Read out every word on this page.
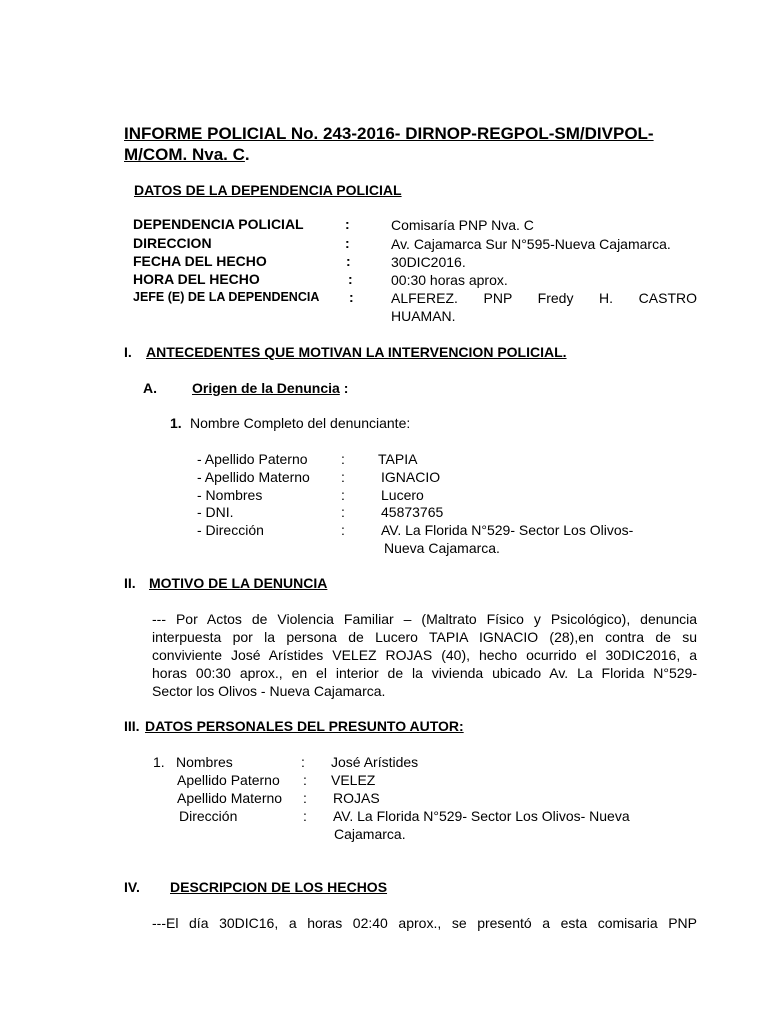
INFORME POLICIAL No. 243-2016- DIRNOP-REGPOL-SM/DIVPOL-
M/COM. Nva. C.
DATOS DE LA DEPENDENCIA POLICIAL
DEPENDENCIA POLICIAL	:	Comisaría PNP Nva. C
DIRECCION	:	Av. Cajamarca Sur N°595-Nueva Cajamarca.
FECHA DEL HECHO	:	30DIC2016.
HORA DEL HECHO	:	00:30 horas aprox.
JEFE (E) DE LA DEPENDENCIA :	ALFEREZ. PNP Fredy H. CASTRO
HUAMAN.
I. ANTECEDENTES QUE MOTIVAN LA INTERVENCION POLICIAL.
A.	Origen de la Denuncia :
1. Nombre Completo del denunciante:
- Apellido Paterno : TAPIA
- Apellido Materno :	IGNACIO
- Nombres	:	Lucero
- DNI.	:	45873765
- Dirección	:	AV. La Florida N°529- Sector Los Olivos-
Nueva Cajamarca.
II. MOTIVO DE LA DENUNCIA
--- Por Actos de Violencia Familiar – (Maltrato Físico y Psicológico), denuncia
interpuesta por la persona de Lucero TAPIA IGNACIO (28),en contra de su
conviviente José Arístides VELEZ ROJAS (40), hecho ocurrido el 30DIC2016, a
horas 00:30 aprox., en el interior de la vivienda ubicado Av. La Florida N°529-
Sector los Olivos - Nueva Cajamarca.
III. DATOS PERSONALES DEL PRESUNTO AUTOR:
1. Nombres	: José Arístides
Apellido Paterno : VELEZ
Apellido Materno : ROJAS
Dirección	: AV. La Florida N°529- Sector Los Olivos- Nueva
Cajamarca.
IV. DESCRIPCION DE LOS HECHOS
---El día 30DIC16, a horas 02:40 aprox., se presentó a esta comisaria PNP
